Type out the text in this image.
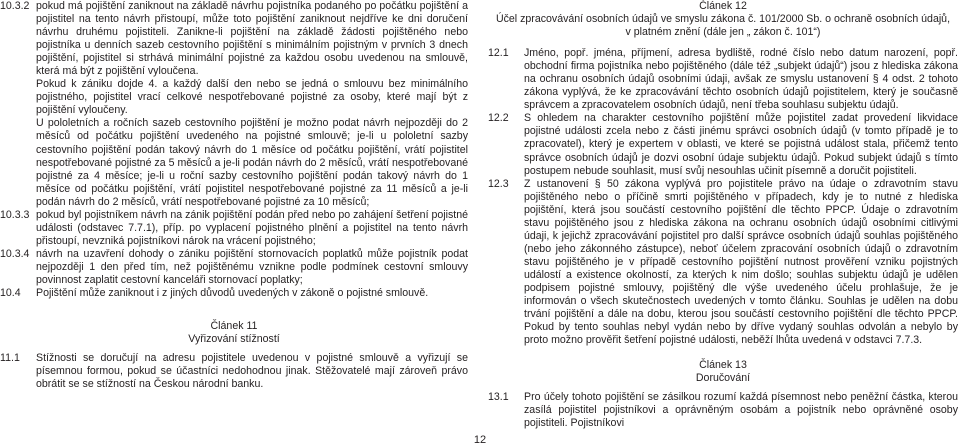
10.3.2 pokud má pojištění zaniknout na základě návrhu pojistníka podaného po počátku pojištění a pojistitel na tento návrh přistoupí, může toto pojištění zaniknout nejdříve ke dni doručení návrhu druhému pojistiteli. Zanikne-li pojištění na základě žádosti pojištěného nebo pojistníka u denních sazeb cestovního pojištění s minimálním pojistným v prvních 3 dnech pojištění, pojistitel si strhává minimální pojistné za každou osobu uvedenou na smlouvě, která má být z pojištění vyloučena.
Pokud k zániku dojde 4. a každý další den nebo se jedná o smlouvu bez minimálního pojistného, pojistitel vrací celkové nespotřebované pojistné za osoby, které mají být z pojištění vyloučeny.
U pololetních a ročních sazeb cestovního pojištění je možno podat návrh nejpozději do 2 měsíců od počátku pojištění uvedeného na pojistné smlouvě; je-li u pololetní sazby cestovního pojištění podán takový návrh do 1 měsíce od počátku pojištění, vrátí pojistitel nespotřebované pojistné za 5 měsíců a je-li podán návrh do 2 měsíců, vrátí nespotřebované pojistné za 4 měsíce; je-li u roční sazby cestovního pojištění podán takový návrh do 1 měsíce od počátku pojištění, vrátí pojistitel nespotřebované pojistné za 11 měsíců a je-li podán návrh do 2 měsíců, vrátí nespotřebované pojistné za 10 měsíců;
10.3.3 pokud byl pojistníkem návrh na zánik pojištění podán před nebo po zahájení šetření pojistné události (odstavec 7.7.1), příp. po vyplacení pojistného plnění a pojistitel na tento návrh přistoupí, nevzniká pojistníkovi nárok na vrácení pojistného;
10.3.4 návrh na uzavření dohody o zániku pojištění stornovacích poplatků může pojistník podat nejpozději 1 den před tím, než pojištěnému vznikne podle podmínek cestovní smlouvy povinnost zaplatit cestovní kanceláři stornovací poplatky;
10.4 Pojištění může zaniknout i z jiných důvodů uvedených v zákoně o pojistné smlouvě.
Článek 11
Vyřizování stížností
11.1 Stížnosti se doručují na adresu pojistitele uvedenou v pojistné smlouvě a vyřizují se písemnou formou, pokud se účastníci nedohodnou jinak. Stěžovatelé mají zároveň právo obrátit se se stížností na Českou národní banku.
Článek 12
Účel zpracovávání osobních údajů ve smyslu zákona č. 101/2000 Sb. o ochraně osobních údajů,
v platném znění (dále jen „ zákon č. 101“)
12.1 Jméno, popř. jména, příjmení, adresa bydliště, rodné číslo nebo datum narození, popř. obchodní firma pojistníka nebo pojištěného (dále též „subjekt údajů“) jsou z hlediska zákona na ochranu osobních údajů osobními údaji, avšak ze smyslu ustanovení § 4 odst. 2 tohoto zákona vyplývá, že ke zpracovávání těchto osobních údajů pojistitelem, který je současně správcem a zpracovatelem osobních údajů, není třeba souhlasu subjektu údajů.
12.2 S ohledem na charakter cestovního pojištění může pojistitel zadat provedení likvidace pojistné události zcela nebo z části jinému správci osobních údajů (v tomto případě je to zpracovatel), který je expertem v oblasti, ve které se pojistná událost stala, přičemž tento správce osobních údajů je dozvi osobní údaje subjektu údajů. Pokud subjekt údajů s tímto postupem nebude souhlasit, musí svůj nesouhlas učinit písemně a doručit pojistiteli.
12.3 Z ustanovení § 50 zákona vyplývá pro pojistitele právo na údaje o zdravotním stavu pojištěného nebo o příčině smrti pojištěného v případech, kdy je to nutné z hlediska pojištění, která jsou součástí cestovního pojištění dle těchto PPCP. Údaje o zdravotním stavu pojištěného jsou z hlediska zákona na ochranu osobních údajů osobními citlivými údaji, k jejichž zpracovávání pojistitel pro další správce osobních údajů souhlas pojištěného (nebo jeho zákonného zástupce), neboť účelem zpracování osobních údajů o zdravotním stavu pojištěného je v případě cestovního pojištění nutnost prověření vzniku pojistných událostí a existence okolností, za kterých k nim došlo; souhlas subjektu údajů je udělen podpisem pojistné smlouvy, pojištěný dle výše uvedeného účelu prohlašuje, že je informován o všech skutečnostech uvedených v tomto článku. Souhlas je udělen na dobu trvání pojištění a dále na dobu, kterou jsou součástí cestovního pojištění dle těchto PPCP. Pokud by tento souhlas nebyl vydán nebo by dříve vydaný souhlas odvolán a nebylo by proto možno prověřit šetření pojistné události, neběží lhůta uvedená v odstavci 7.7.3.
Článek 13
Doručování
13.1 Pro účely tohoto pojištění se zásilkou rozumí každá písemnost nebo peněžní částka, kterou zasílá pojistitel pojistníkovi a oprávněným osobám a pojistník nebo oprávněné osoby pojistiteli. Pojistníkovi
12
